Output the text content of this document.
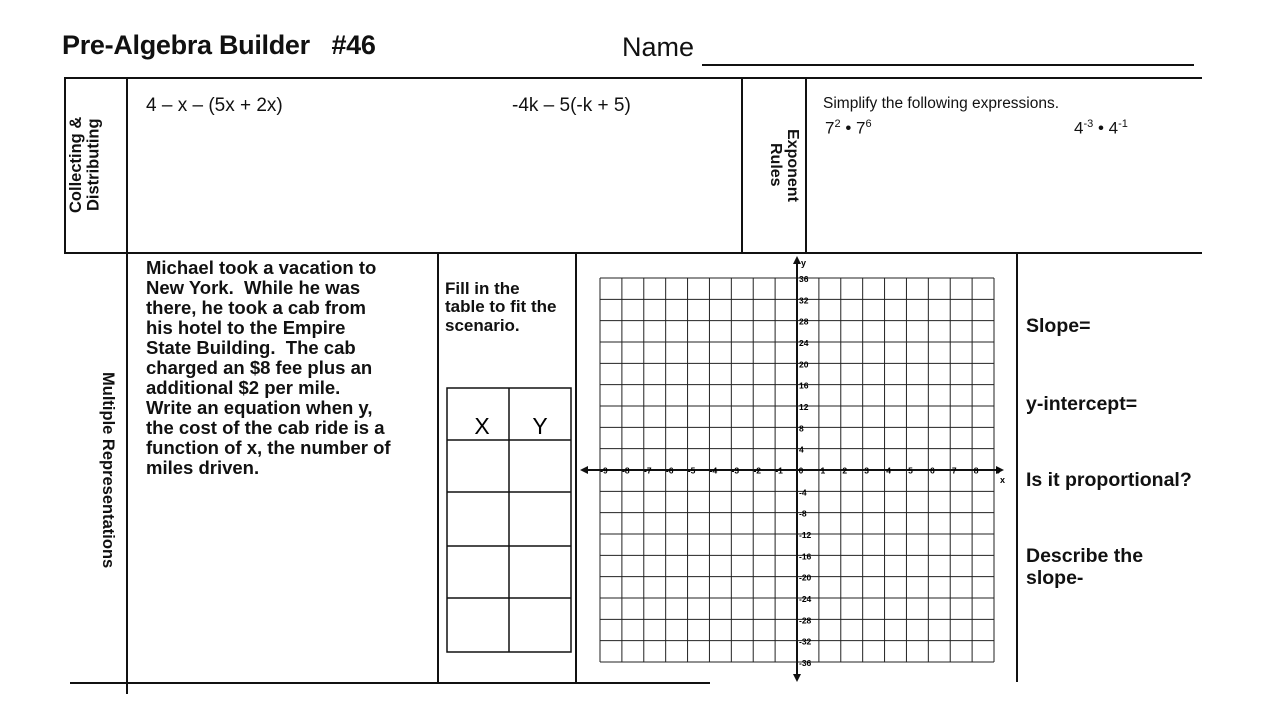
Pre-Algebra Builder   #46	Name
Collecting &
Distributing
4 – x – (5x + 2x)	-4k – 5(-k + 5)
Exponent
Rules
Simplify the following expressions.
$7^2$ • $7^6$	$4^{-3}$ • $4^{-1}$
Multiple Representations
Michael took a vacation to
New York.  While he was
there, he took a cab from
his hotel to the Empire
State Building.  The cab
charged an $8 fee plus an
additional $2 per mile.
Write an equation when y,
the cost of the cab ride is a
function of x, the number of
miles driven.
Fill in the
table to fit the
scenario.
X Y
-9 -8 -7 -6 -5 -4 -3 -2 -1 0 1 2 3 4 5 6 7 8 9
36
32
28
24
20
16
12
8
4
-4
-8
-12
-16
-20
-24
-28
-32
-36
x
y
Slope=
y-intercept=
Is it proportional?
Describe the
slope-
